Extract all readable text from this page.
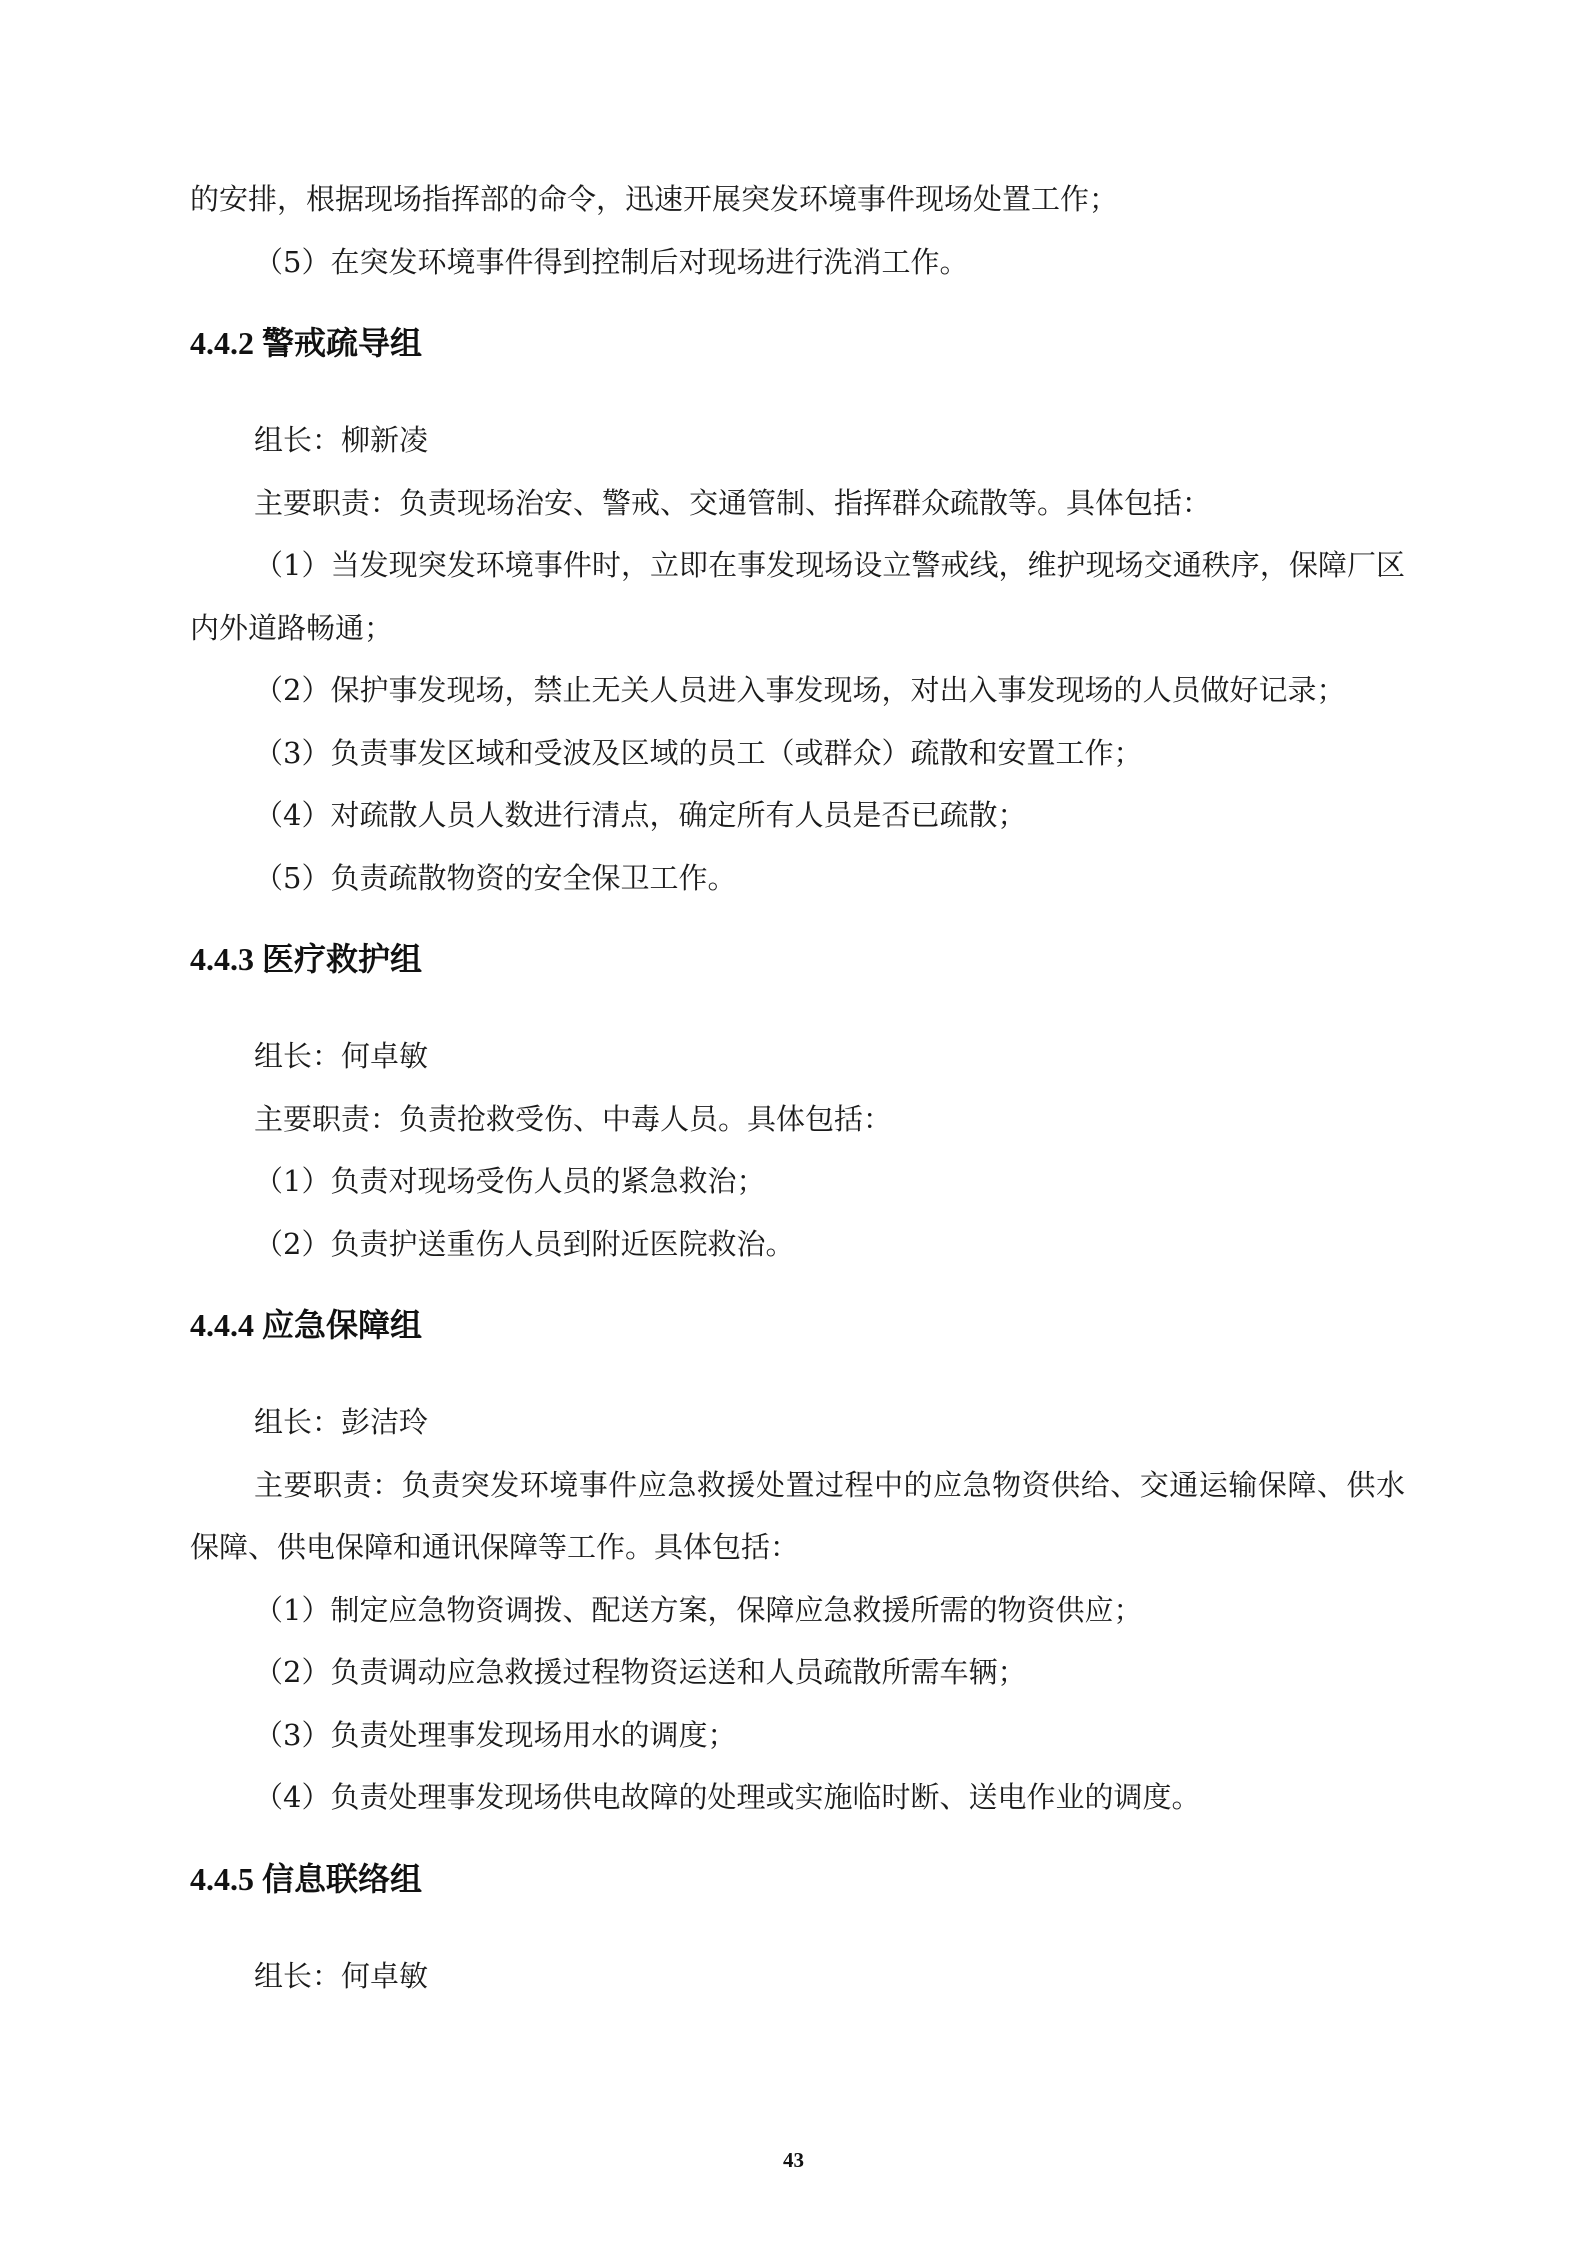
的安排，根据现场指挥部的命令，迅速开展突发环境事件现场处置工作；

（5）在突发环境事件得到控制后对现场进行洗消工作。

4.4.2 警戒疏导组

组长：柳新凌

主要职责：负责现场治安、警戒、交通管制、指挥群众疏散等。具体包括：

（1）当发现突发环境事件时，立即在事发现场设立警戒线，维护现场交通秩序，保障厂区内外道路畅通；

（2）保护事发现场，禁止无关人员进入事发现场，对出入事发现场的人员做好记录；

（3）负责事发区域和受波及区域的员工（或群众）疏散和安置工作；

（4）对疏散人员人数进行清点，确定所有人员是否已疏散；

（5）负责疏散物资的安全保卫工作。

4.4.3 医疗救护组

组长：何卓敏

主要职责：负责抢救受伤、中毒人员。具体包括：

（1）负责对现场受伤人员的紧急救治；

（2）负责护送重伤人员到附近医院救治。

4.4.4 应急保障组

组长：彭洁玲

主要职责：负责突发环境事件应急救援处置过程中的应急物资供给、交通运输保障、供水保障、供电保障和通讯保障等工作。具体包括：

（1）制定应急物资调拨、配送方案，保障应急救援所需的物资供应；

（2）负责调动应急救援过程物资运送和人员疏散所需车辆；

（3）负责处理事发现场用水的调度；

（4）负责处理事发现场供电故障的处理或实施临时断、送电作业的调度。

4.4.5 信息联络组

组长：何卓敏

43
